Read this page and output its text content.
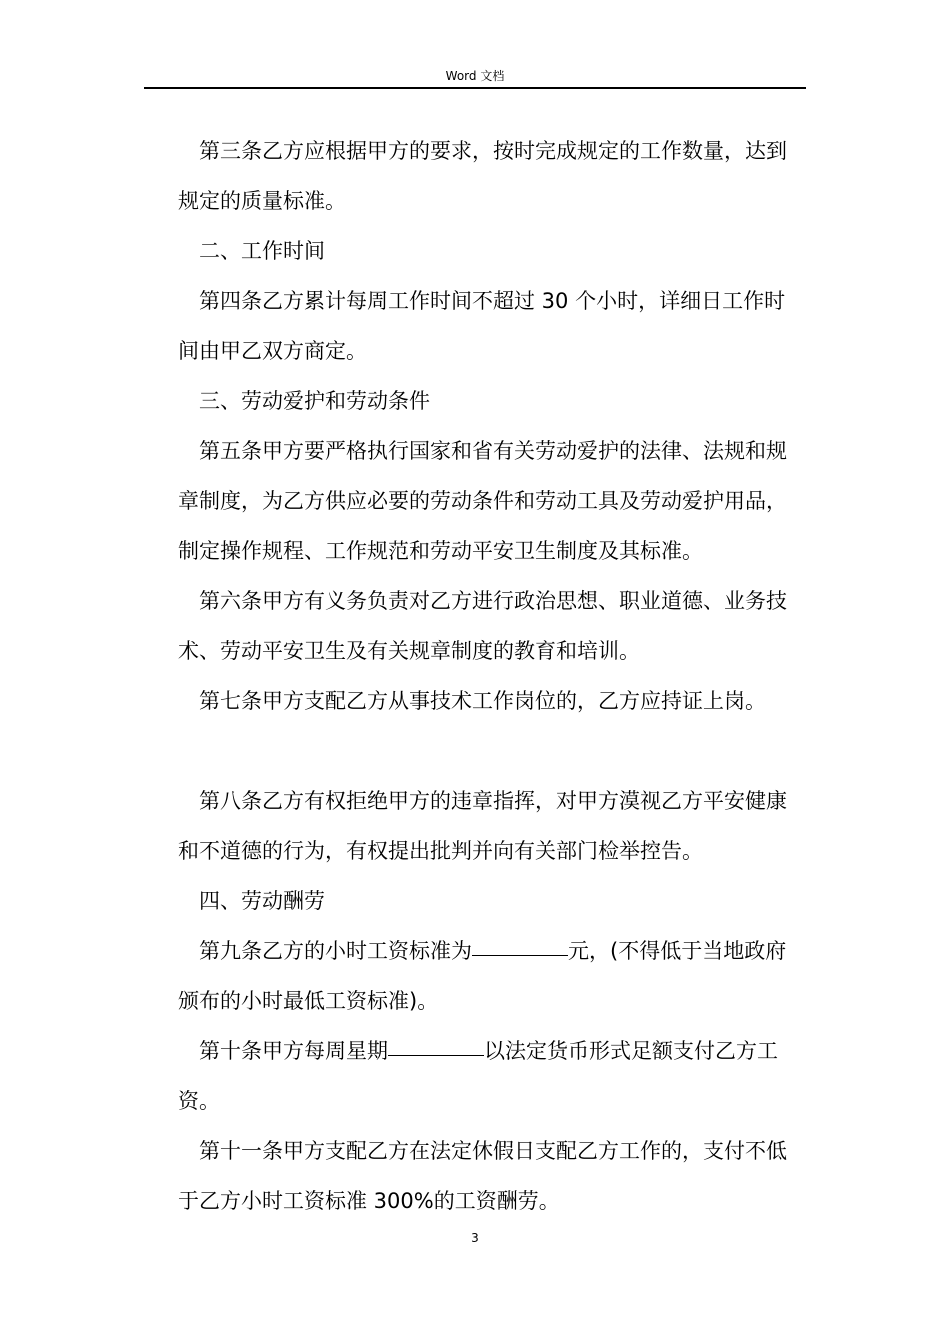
Word 文档

第三条乙方应根据甲方的要求，按时完成规定的工作数量，达到规定的质量标准。

二、工作时间

第四条乙方累计每周工作时间不超过 30 个小时，详细日工作时间由甲乙双方商定。

三、劳动爱护和劳动条件

第五条甲方要严格执行国家和省有关劳动爱护的法律、法规和规章制度，为乙方供应必要的劳动条件和劳动工具及劳动爱护用品，制定操作规程、工作规范和劳动平安卫生制度及其标准。

第六条甲方有义务负责对乙方进行政治思想、职业道德、业务技术、劳动平安卫生及有关规章制度的教育和培训。

第七条甲方支配乙方从事技术工作岗位的，乙方应持证上岗。

第八条乙方有权拒绝甲方的违章指挥，对甲方漠视乙方平安健康和不道德的行为，有权提出批判并向有关部门检举控告。

四、劳动酬劳

第九条乙方的小时工资标准为	元，(不得低于当地政府颁布的小时最低工资标准)。

第十条甲方每周星期	以法定货币形式足额支付乙方工资。

第十一条甲方支配乙方在法定休假日支配乙方工作的，支付不低于乙方小时工资标准 300%的工资酬劳。

3
